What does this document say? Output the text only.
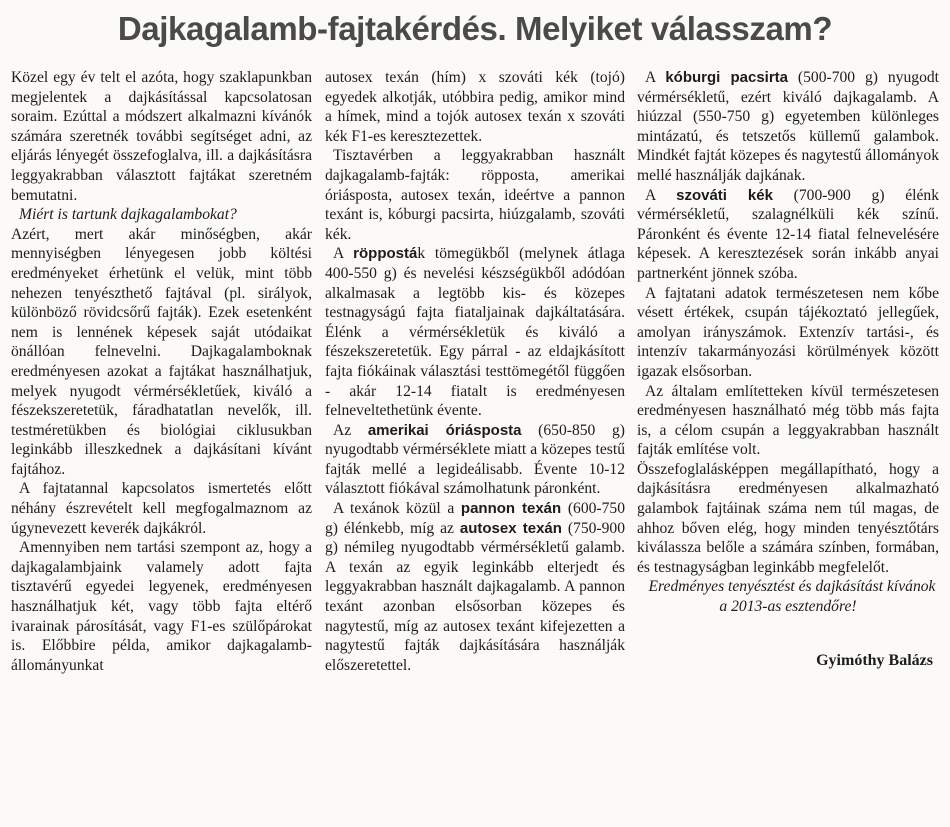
Dajkagalamb-fajtakérdés. Melyiket válasszam?

Közel egy év telt el azóta, hogy szaklapunkban megjelentek a dajkásítással kapcsolatosan soraim. Ezúttal a módszert alkalmazni kívánók számára szeretnék további segítséget adni, az eljárás lényegét összefoglalva, ill. a dajkásításra leggyakrabban választott fajtákat szeretném bemutatni.

Miért is tartunk dajkagalambokat?

Azért, mert akár minőségben, akár mennyiségben lényegesen jobb költési eredményeket érhetünk el velük, mint több nehezen tenyészthető fajtával (pl. sirályok, különböző rövidcsőrű fajták). Ezek esetenként nem is lennének képesek saját utódaikat önállóan felnevelni. Dajkagalamboknak eredményesen azokat a fajtákat használhatjuk, melyek nyugodt vérmérsékletűek, kiváló a fészekszeretetük, fáradhatatlan nevelők, ill. testméretükben és biológiai ciklusukban leginkább illeszkednek a dajkásítani kívánt fajtához.

A fajtatannal kapcsolatos ismertetés előtt néhány észrevételt kell megfogalmaznom az úgynevezett keverék dajkákról.

Amennyiben nem tartási szempont az, hogy a dajkagalambjaink valamely adott fajta tisztavérű egyedei legyenek, eredményesen használhatjuk két, vagy több fajta eltérő ivarainak párosítását, vagy F1-es szülőpárokat is. Előbbire példa, amikor dajkagalamb-állományunkat

autosex texán (hím) x szováti kék (tojó) egyedek alkotják, utóbbira pedig, amikor mind a hímek, mind a tojók autosex texán x szováti kék F1-es keresztezettek.

Tisztavérben a leggyakrabban használt dajkagalamb-fajták: röpposta, amerikai óriásposta, autosex texán, ideértve a pannon texánt is, kóburgi pacsirta, hiúzgalamb, szováti kék.

A röpposták tömegükből (melynek átlaga 400-550 g) és nevelési készségükből adódóan alkalmasak a legtöbb kis- és közepes testnagyságú fajta fiataljainak dajkáltatására. Élénk a vérmérsékletük és kiváló a fészekszeretetük. Egy párral - az eldajkásított fajta fiókáinak választási testtömegétől függően - akár 12-14 fiatalt is eredményesen felneveltethetünk évente.

Az amerikai óriásposta (650-850 g) nyugodtabb vérmérséklete miatt a közepes testű fajták mellé a legideálisabb. Évente 10-12 választott fiókával számolhatunk páronként.

A texánok közül a pannon texán (600-750 g) élénkebb, míg az autosex texán (750-900 g) némileg nyugodtabb vérmérsékletű galamb. A texán az egyik leginkább elterjedt és leggyakrabban használt dajkagalamb. A pannon texánt azonban elsősorban közepes és nagytestű, míg az autosex texánt kifejezetten a nagytestű fajták dajkásítására használják előszeretettel.

A kóburgi pacsirta (500-700 g) nyugodt vérmérsékletű, ezért kiváló dajkagalamb. A hiúzzal (550-750 g) egyetemben különleges mintázatú, és tetszetős küllemű galambok. Mindkét fajtát közepes és nagytestű állományok mellé használják dajkának.

A szováti kék (700-900 g) élénk vérmérsékletű, szalagnélküli kék színű. Páronként és évente 12-14 fiatal felnevelésére képesek. A keresztezések során inkább anyai partnerként jönnek szóba.

A fajtatani adatok természetesen nem kőbe vésett értékek, csupán tájékoztató jellegűek, amolyan irányszámok. Extenzív tartási-, és intenzív takarmányozási körülmények között igazak elsősorban.

Az általam említetteken kívül természetesen eredményesen használható még több más fajta is, a célom csupán a leggyakrabban használt fajták említése volt.

Összefoglalásképpen megállapítható, hogy a dajkásításra eredményesen alkalmazható galambok fajtáinak száma nem túl magas, de ahhoz bőven elég, hogy minden tenyésztőtárs kiválassza belőle a számára színben, formában, és testnagyságban leginkább megfelelőt.

Eredményes tenyésztést és dajkásítást kívánok a 2013-as esztendőre!

Gyimóthy Balázs
